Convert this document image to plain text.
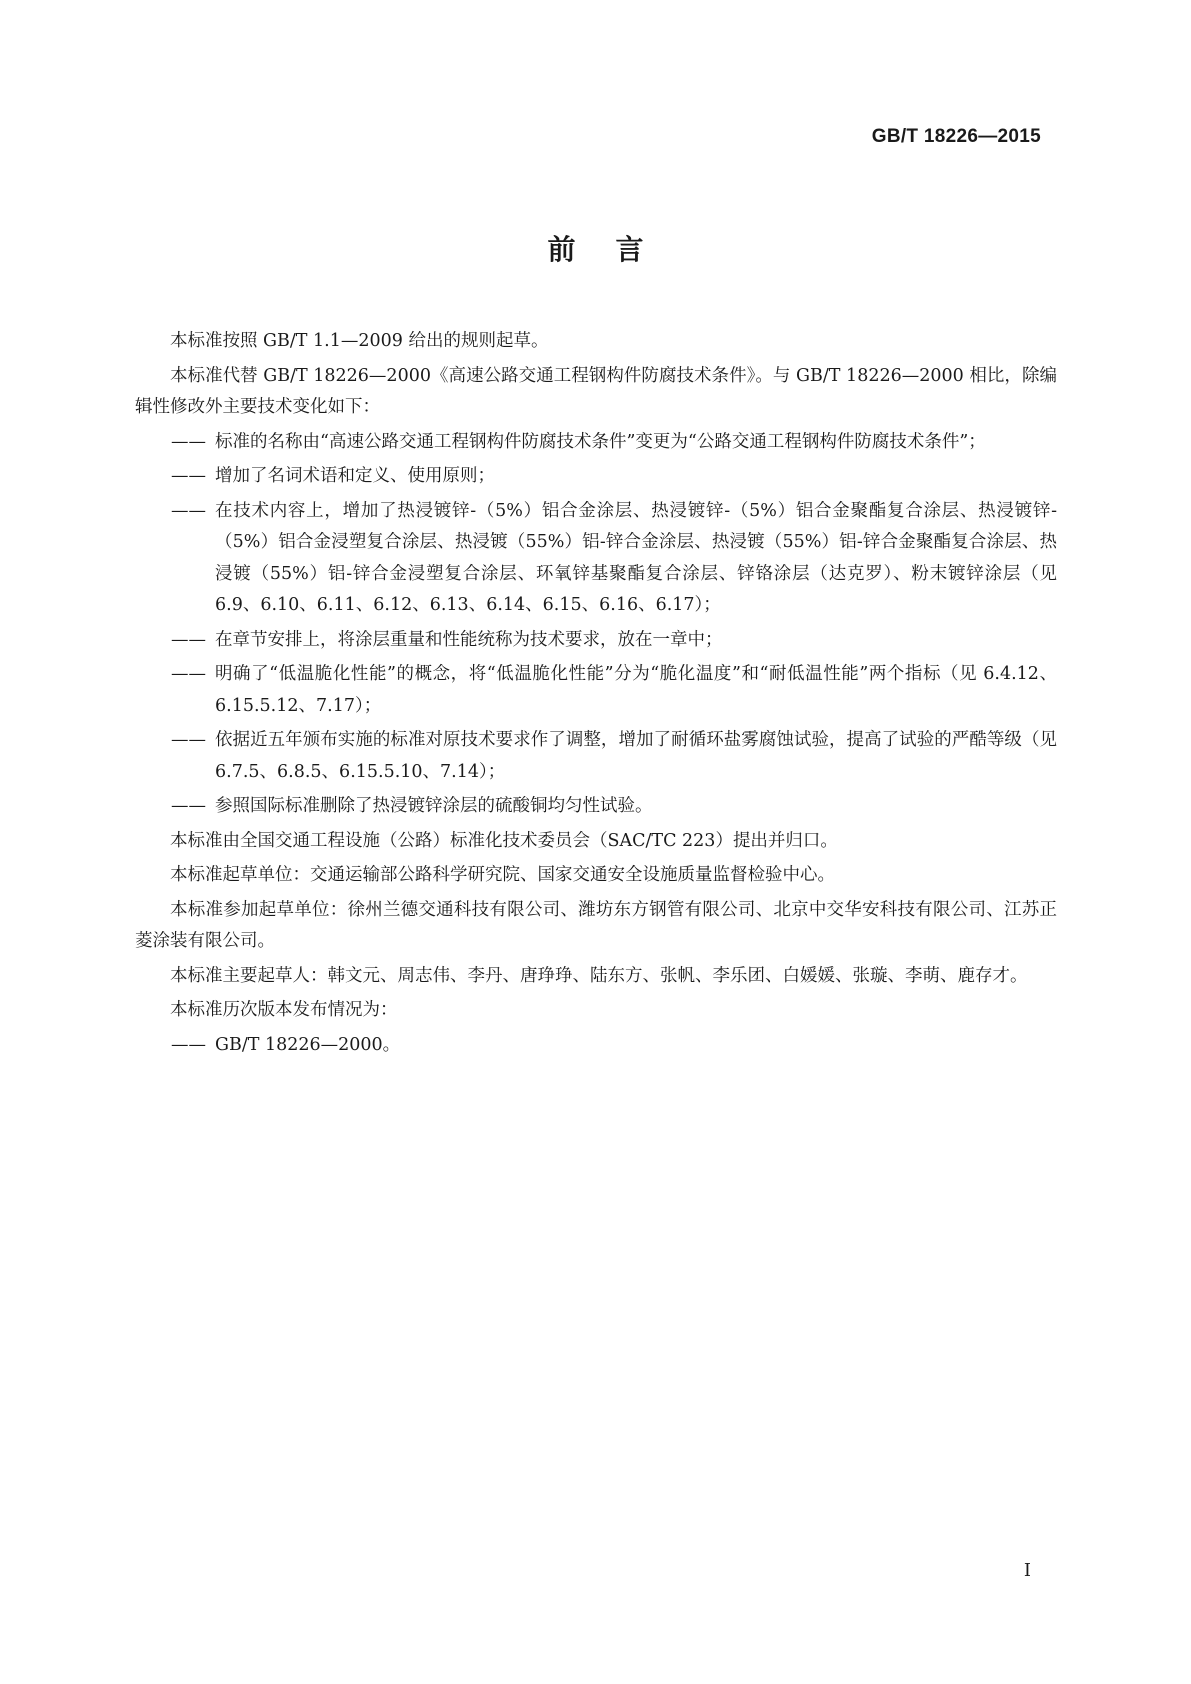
GB/T 18226—2015
前言
本标准按照 GB/T 1.1—2009 给出的规则起草。
本标准代替 GB/T 18226—2000《高速公路交通工程钢构件防腐技术条件》。与 GB/T 18226—2000 相比，除编辑性修改外主要技术变化如下：
—— 标准的名称由“高速公路交通工程钢构件防腐技术条件”变更为“公路交通工程钢构件防腐技术条件”；
—— 增加了名词术语和定义、使用原则；
—— 在技术内容上，增加了热浸镀锌-（5%）铝合金涂层、热浸镀锌-（5%）铝合金聚酯复合涂层、热浸镀锌-（5%）铝合金浸塑复合涂层、热浸镀（55%）铝-锌合金涂层、热浸镀（55%）铝-锌合金聚酯复合涂层、热浸镀（55%）铝-锌合金浸塑复合涂层、环氧锌基聚酯复合涂层、锌铬涂层（达克罗）、粉末镀锌涂层（见 6.9、6.10、6.11、6.12、6.13、6.14、6.15、6.16、6.17）；
—— 在章节安排上，将涂层重量和性能统称为技术要求，放在一章中；
—— 明确了“低温脆化性能”的概念，将“低温脆化性能”分为“脆化温度”和“耐低温性能”两个指标（见 6.4.12、6.15.5.12、7.17）；
—— 依据近五年颁布实施的标准对原技术要求作了调整，增加了耐循环盐雾腐蚀试验，提高了试验的严酷等级（见 6.7.5、6.8.5、6.15.5.10、7.14）；
—— 参照国际标准删除了热浸镀锌涂层的硫酸铜均匀性试验。
本标准由全国交通工程设施（公路）标准化技术委员会（SAC/TC 223）提出并归口。
本标准起草单位：交通运输部公路科学研究院、国家交通安全设施质量监督检验中心。
本标准参加起草单位：徐州兰德交通科技有限公司、潍坊东方钢管有限公司、北京中交华安科技有限公司、江苏正菱涂装有限公司。
本标准主要起草人：韩文元、周志伟、李丹、唐琤琤、陆东方、张帆、李乐团、白媛媛、张璇、李萌、鹿存才。
本标准历次版本发布情况为：
—— GB/T 18226—2000。
I
